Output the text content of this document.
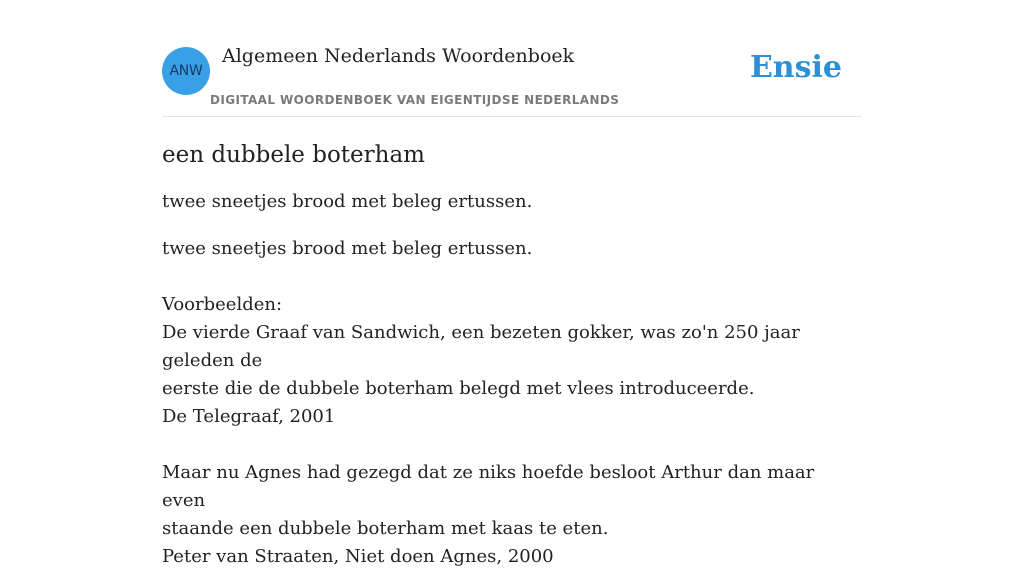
ANW
Algemeen Nederlands Woordenboek
DIGITAAL WOORDENBOEK VAN EIGENTIJDSE NEDERLANDS
Ensie
een dubbele boterham
twee sneetjes brood met beleg ertussen.
twee sneetjes brood met beleg ertussen.
Voorbeelden:
De vierde Graaf van Sandwich, een bezeten gokker, was zo'n 250 jaar geleden de
eerste die de dubbele boterham belegd met vlees introduceerde.
De Telegraaf, 2001
Maar nu Agnes had gezegd dat ze niks hoefde besloot Arthur dan maar even
staande een dubbele boterham met kaas te eten.
Peter van Straaten, Niet doen Agnes, 2000
